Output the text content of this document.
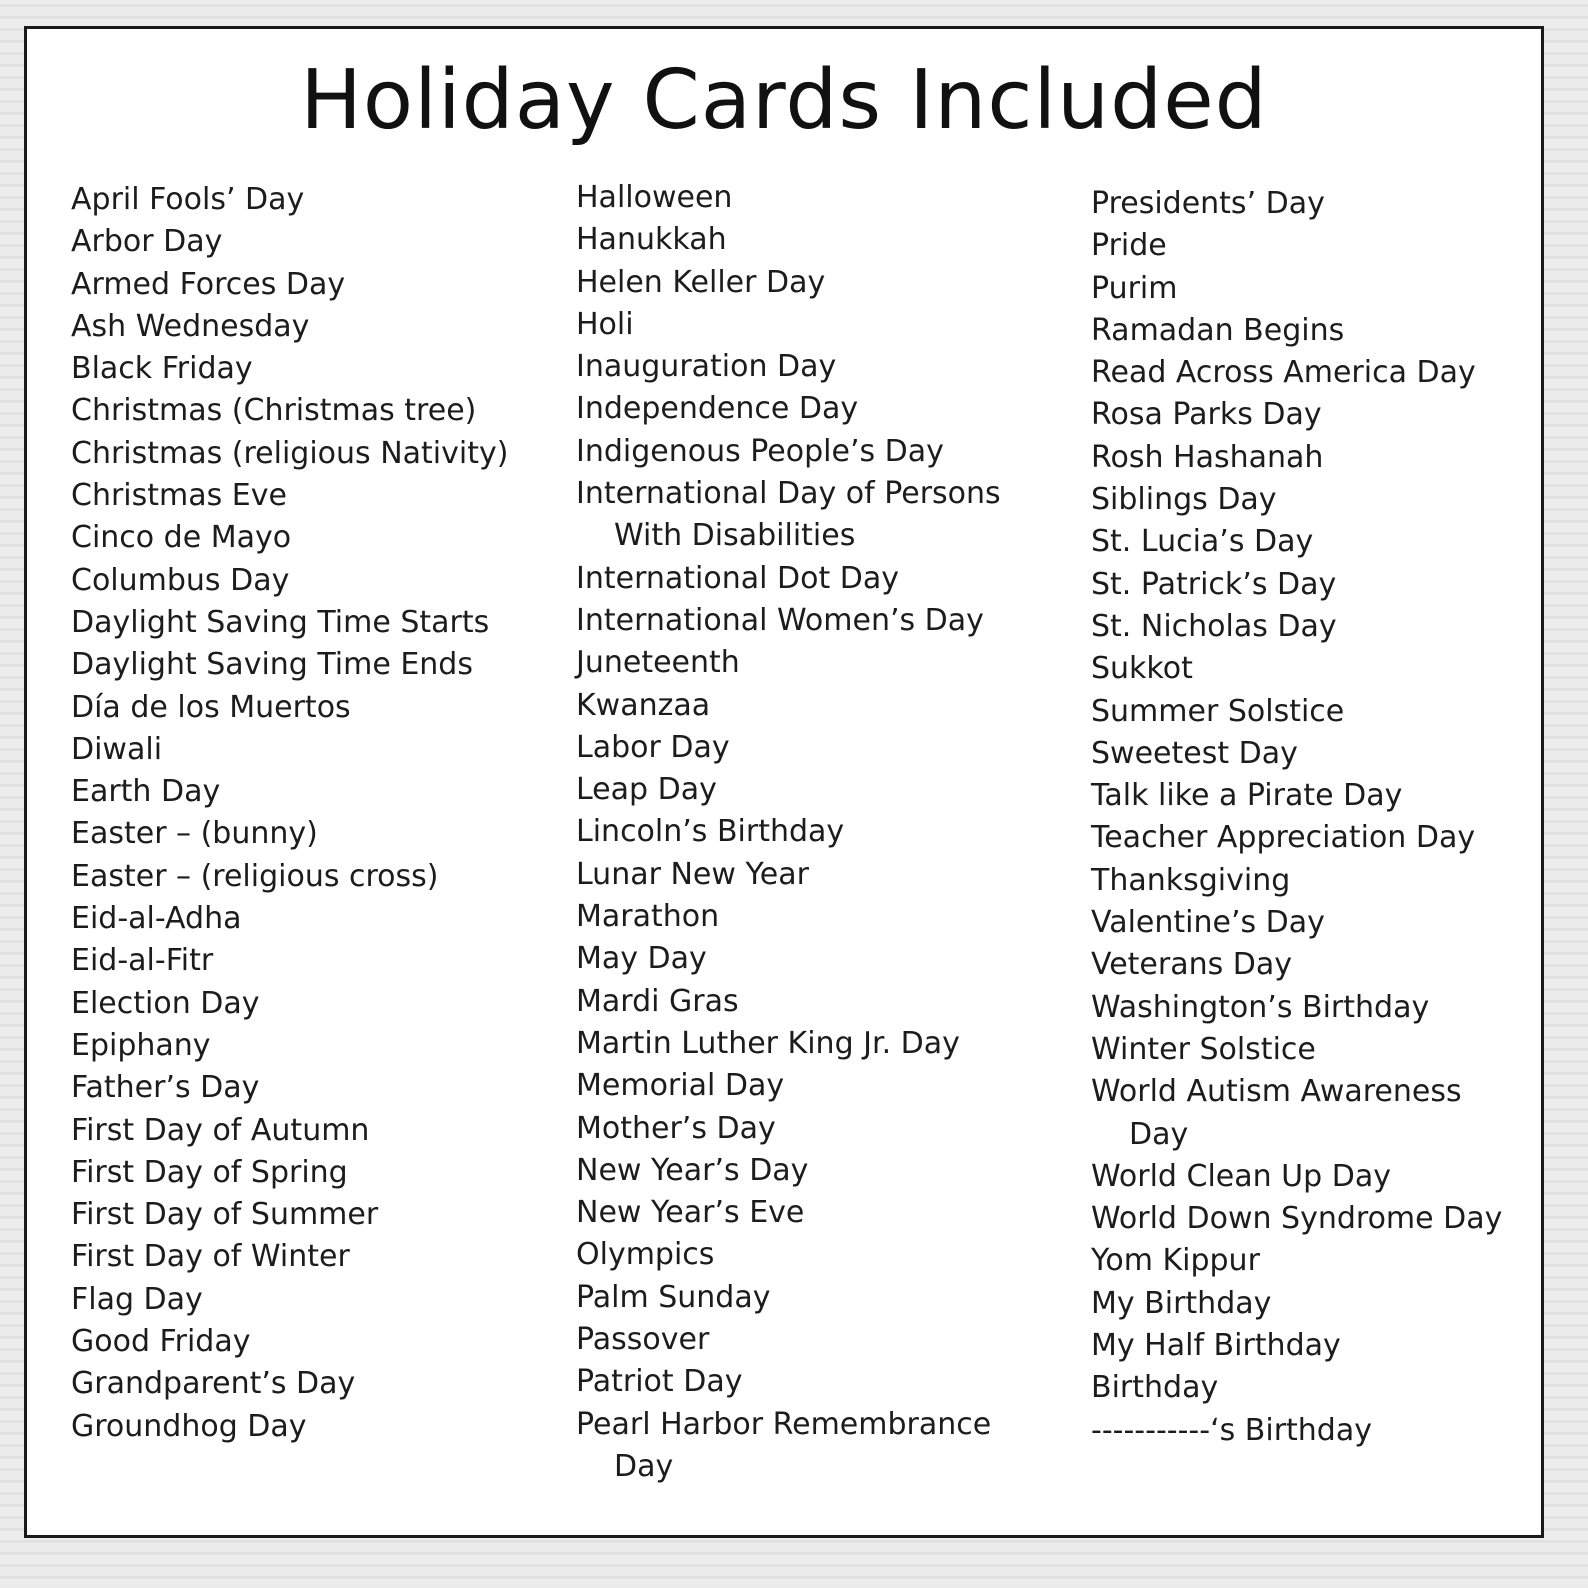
Holiday Cards Included
April Fools’ Day
Arbor Day
Armed Forces Day
Ash Wednesday
Black Friday
Christmas (Christmas tree)
Christmas (religious Nativity)
Christmas Eve
Cinco de Mayo
Columbus Day
Daylight Saving Time Starts
Daylight Saving Time Ends
Día de los Muertos
Diwali
Earth Day
Easter – (bunny)
Easter – (religious cross)
Eid-al-Adha
Eid-al-Fitr
Election Day
Epiphany
Father’s Day
First Day of Autumn
First Day of Spring
First Day of Summer
First Day of Winter
Flag Day
Good Friday
Grandparent’s Day
Groundhog Day
Halloween
Hanukkah
Helen Keller Day
Holi
Inauguration Day
Independence Day
Indigenous People’s Day
International Day of Persons
With Disabilities
International Dot Day
International Women’s Day
Juneteenth
Kwanzaa
Labor Day
Leap Day
Lincoln’s Birthday
Lunar New Year
Marathon
May Day
Mardi Gras
Martin Luther King Jr. Day
Memorial Day
Mother’s Day
New Year’s Day
New Year’s Eve
Olympics
Palm Sunday
Passover
Patriot Day
Pearl Harbor Remembrance
Day
Presidents’ Day
Pride
Purim
Ramadan Begins
Read Across America Day
Rosa Parks Day
Rosh Hashanah
Siblings Day
St. Lucia’s Day
St. Patrick’s Day
St. Nicholas Day
Sukkot
Summer Solstice
Sweetest Day
Talk like a Pirate Day
Teacher Appreciation Day
Thanksgiving
Valentine’s Day
Veterans Day
Washington’s Birthday
Winter Solstice
World Autism Awareness
Day
World Clean Up Day
World Down Syndrome Day
Yom Kippur
My Birthday
My Half Birthday
Birthday
-----------‘s Birthday
